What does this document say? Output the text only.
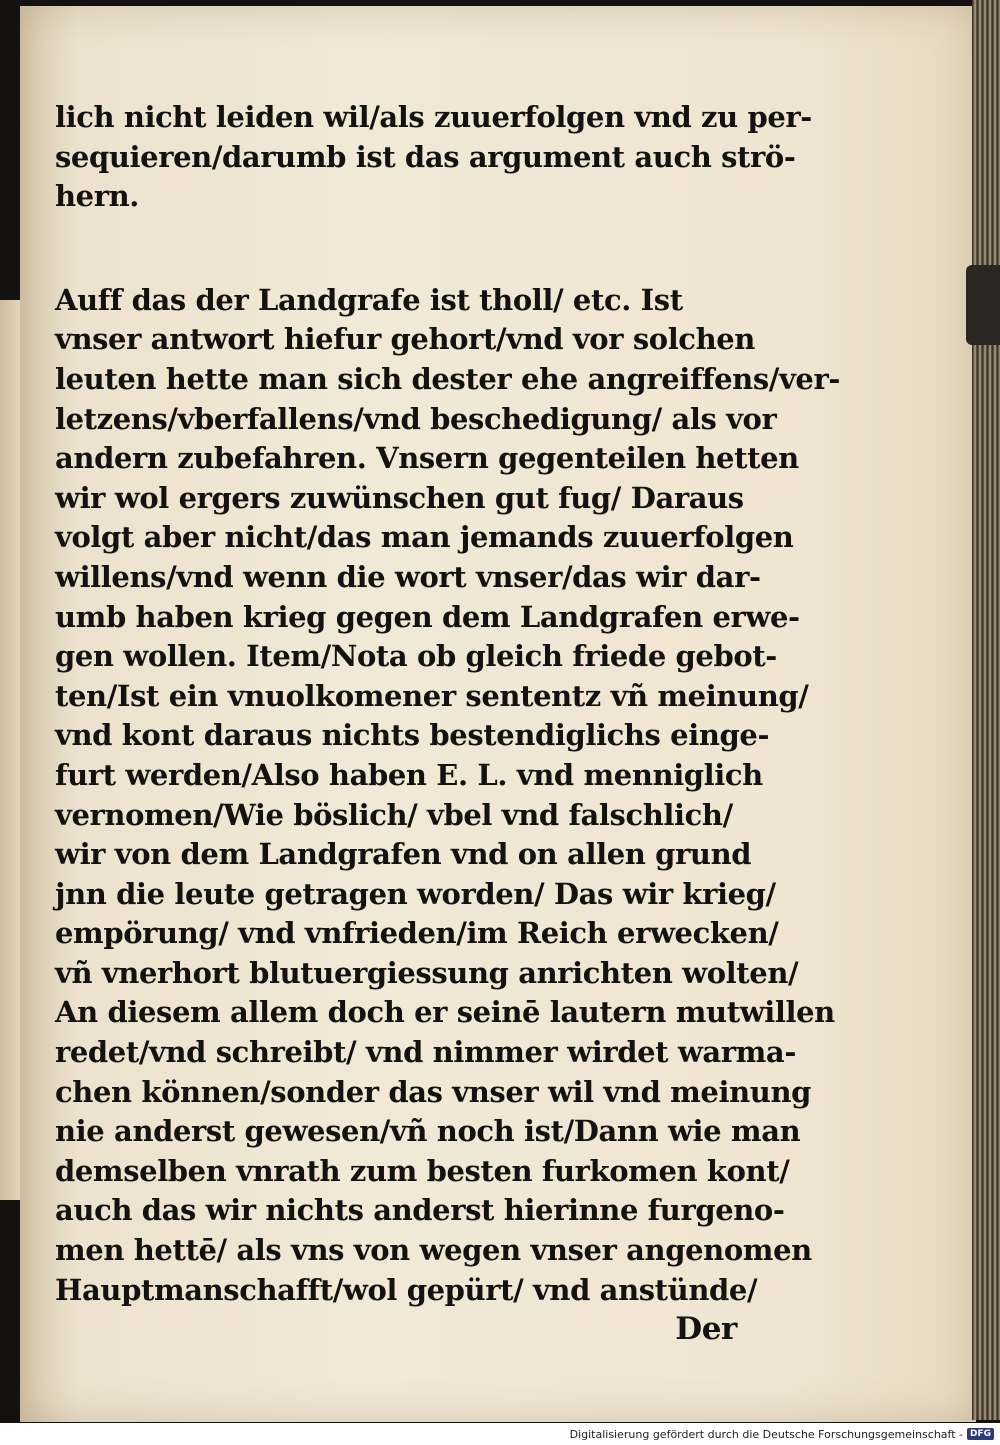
lich nicht leiden wil/als zuuerfolgen vnd zu per-
sequieren/darumb ist das argument auch strö-
hern.
Auff das der Landgrafe ist tholl/ etc. Ist
vnser antwort hiefur gehort/vnd vor solchen
leuten hette man sich dester ehe angreiffens/ver-
letzens/vberfallens/vnd beschedigung/ als vor
andern zubefahren. Vnsern gegenteilen hetten
wir wol ergers zuwünschen gut fug/ Daraus
volgt aber nicht/das man jemands zuuerfolgen
willens/vnd wenn die wort vnser/das wir dar-
umb haben krieg gegen dem Landgrafen erwe-
gen wollen. Item/Nota ob gleich friede gebot-
ten/Ist ein vnuolkomener sententz vñ meinung/
vnd kont daraus nichts bestendiglichs einge-
furt werden/Also haben E. L. vnd menniglich
vernomen/Wie böslich/ vbel vnd falschlich/
wir von dem Landgrafen vnd on allen grund
jnn die leute getragen worden/ Das wir krieg/
empörung/ vnd vnfrieden/im Reich erwecken/
vñ vnerhort blutuergiessung anrichten wolten/
An diesem allem doch er seinē lautern mutwillen
redet/vnd schreibt/ vnd nimmer wirdet warma-
chen können/sonder das vnser wil vnd meinung
nie anderst gewesen/vñ noch ist/Dann wie man
demselben vnrath zum besten furkomen kont/
auch das wir nichts anderst hierinne furgeno-
men hettē/ als vns von wegen vnser angenomen
Hauptmanschafft/wol gepürt/ vnd anstünde/
Der
Digitalisierung gefördert durch die Deutsche Forschungsgemeinschaft - DFG
